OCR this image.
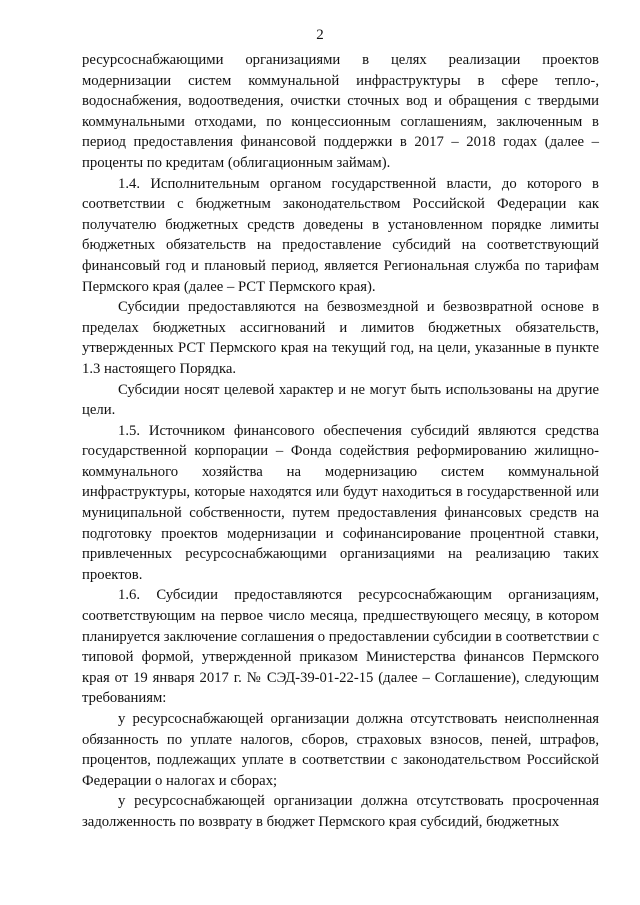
2

ресурсоснабжающими организациями в целях реализации проектов модернизации систем коммунальной инфраструктуры в сфере тепло-, водоснабжения, водоотведения, очистки сточных вод и обращения с твердыми коммунальными отходами, по концессионным соглашениям, заключенным в период предоставления финансовой поддержки в 2017 – 2018 годах (далее – проценты по кредитам (облигационным займам).

1.4. Исполнительным органом государственной власти, до которого в соответствии с бюджетным законодательством Российской Федерации как получателю бюджетных средств доведены в установленном порядке лимиты бюджетных обязательств на предоставление субсидий на соответствующий финансовый год и плановый период, является Региональная служба по тарифам Пермского края (далее – РСТ Пермского края).

Субсидии предоставляются на безвозмездной и безвозвратной основе в пределах бюджетных ассигнований и лимитов бюджетных обязательств, утвержденных РСТ Пермского края на текущий год, на цели, указанные в пункте 1.3 настоящего Порядка.

Субсидии носят целевой характер и не могут быть использованы на другие цели.

1.5. Источником финансового обеспечения субсидий являются средства государственной корпорации – Фонда содействия реформированию жилищно-коммунального хозяйства на модернизацию систем коммунальной инфраструктуры, которые находятся или будут находиться в государственной или муниципальной собственности, путем предоставления финансовых средств на подготовку проектов модернизации и софинансирование процентной ставки, привлеченных ресурсоснабжающими организациями на реализацию таких проектов.

1.6. Субсидии предоставляются ресурсоснабжающим организациям, соответствующим на первое число месяца, предшествующего месяцу, в котором планируется заключение соглашения о предоставлении субсидии в соответствии с типовой формой, утвержденной приказом Министерства финансов Пермского края от 19 января 2017 г. № СЭД-39-01-22-15 (далее – Соглашение), следующим требованиям:

у ресурсоснабжающей организации должна отсутствовать неисполненная обязанность по уплате налогов, сборов, страховых взносов, пеней, штрафов, процентов, подлежащих уплате в соответствии с законодательством Российской Федерации о налогах и сборах;

у ресурсоснабжающей организации должна отсутствовать просроченная задолженность по возврату в бюджет Пермского края субсидий, бюджетных
